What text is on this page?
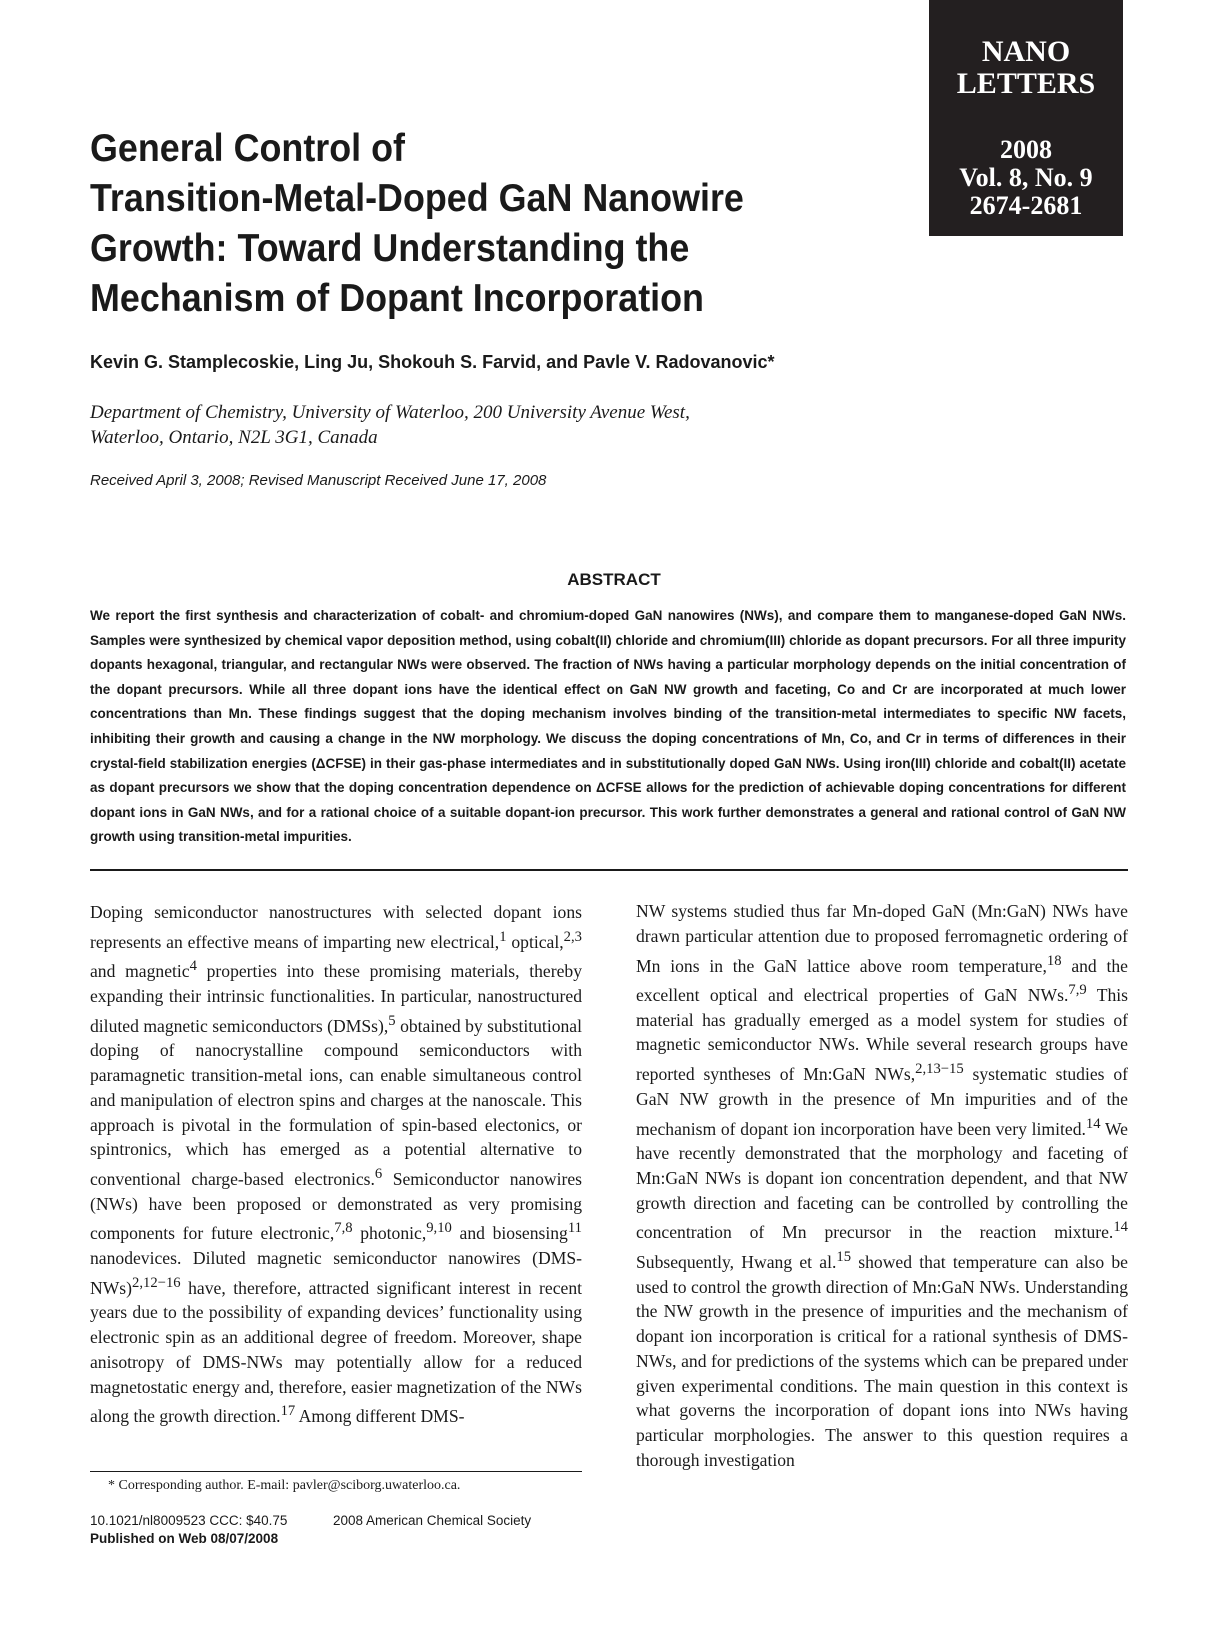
NANO
LETTERS
2008
Vol. 8, No. 9
2674-2681
General Control of
Transition-Metal-Doped GaN Nanowire
Growth: Toward Understanding the
Mechanism of Dopant Incorporation
Kevin G. Stamplecoskie, Ling Ju, Shokouh S. Farvid, and Pavle V. Radovanovic*
Department of Chemistry, University of Waterloo, 200 University Avenue West,
Waterloo, Ontario, N2L 3G1, Canada
Received April 3, 2008; Revised Manuscript Received June 17, 2008
ABSTRACT

We report the first synthesis and characterization of cobalt- and chromium-doped GaN nanowires (NWs), and compare them to manganese-doped GaN NWs. Samples were synthesized by chemical vapor deposition method, using cobalt(II) chloride and chromium(III) chloride as dopant precursors. For all three impurity dopants hexagonal, triangular, and rectangular NWs were observed. The fraction of NWs having a particular morphology depends on the initial concentration of the dopant precursors. While all three dopant ions have the identical effect on GaN NW growth and faceting, Co and Cr are incorporated at much lower concentrations than Mn. These findings suggest that the doping mechanism involves binding of the transition-metal intermediates to specific NW facets, inhibiting their growth and causing a change in the NW morphology. We discuss the doping concentrations of Mn, Co, and Cr in terms of differences in their crystal-field stabilization energies (ΔCFSE) in their gas-phase intermediates and in substitutionally doped GaN NWs. Using iron(III) chloride and cobalt(II) acetate as dopant precursors we show that the doping concentration dependence on ΔCFSE allows for the prediction of achievable doping concentrations for different dopant ions in GaN NWs, and for a rational choice of a suitable dopant-ion precursor. This work further demonstrates a general and rational control of GaN NW growth using transition-metal impurities.

Doping semiconductor nanostructures with selected dopant ions represents an effective means of imparting new electrical,$^1$ optical,$^{2,3}$ and magnetic$^4$ properties into these promising materials, thereby expanding their intrinsic functionalities. In particular, nanostructured diluted magnetic semiconductors (DMSs),$^5$ obtained by substitutional doping of nanocrystalline compound semiconductors with paramagnetic transition-metal ions, can enable simultaneous control and manipulation of electron spins and charges at the nanoscale. This approach is pivotal in the formulation of spin-based electonics, or spintronics, which has emerged as a potential alternative to conventional charge-based electronics.$^6$ Semiconductor nanowires (NWs) have been proposed or demonstrated as very promising components for future electronic,$^{7,8}$ photonic,$^{9,10}$ and biosensing$^{11}$ nanodevices. Diluted magnetic semiconductor nanowires $(DMS-NWs)^{2,12-16}$ have, therefore, attracted significant interest in recent years due to the possibility of expanding devices’ functionality using electronic spin as an additional degree of freedom. Moreover, shape anisotropy of DMS-NWs may potentially allow for a reduced magnetostatic energy and, therefore, easier magnetization of the NWs along the growth direction.$^{17}$ Among different DMS-

NW systems studied thus far Mn-doped GaN (Mn:GaN) NWs have drawn particular attention due to proposed ferromagnetic ordering of Mn ions in the GaN lattice above room temperature,$^{18}$ and the excellent optical and electrical properties of GaN NWs.$^{7,9}$ This material has gradually emerged as a model system for studies of magnetic semiconductor NWs. While several research groups have reported syntheses of Mn:GaN NWs,$^{2,13-15}$ systematic studies of GaN NW growth in the presence of Mn impurities and of the mechanism of dopant ion incorporation have been very limited.$^{14}$ We have recently demonstrated that the morphology and faceting of Mn:GaN NWs is dopant ion concentration dependent, and that NW growth direction and faceting can be controlled by controlling the concentration of Mn precursor in the reaction mixture.$^{14}$ Subsequently, Hwang et al.$^{15}$ showed that temperature can also be used to control the growth direction of Mn:GaN NWs. Understanding the NW growth in the presence of impurities and the mechanism of dopant ion incorporation is critical for a rational synthesis of DMS-NWs, and for predictions of the systems which can be prepared under given experimental conditions. The main question in this context is what governs the incorporation of dopant ions into NWs having particular morphologies. The answer to this question requires a thorough investigation

* Corresponding author. E-mail: pavler@sciborg.uwaterloo.ca.
10.1021/nl8009523 CCC: $40.75
Published on Web 08/07/2008
2008 American Chemical Society
